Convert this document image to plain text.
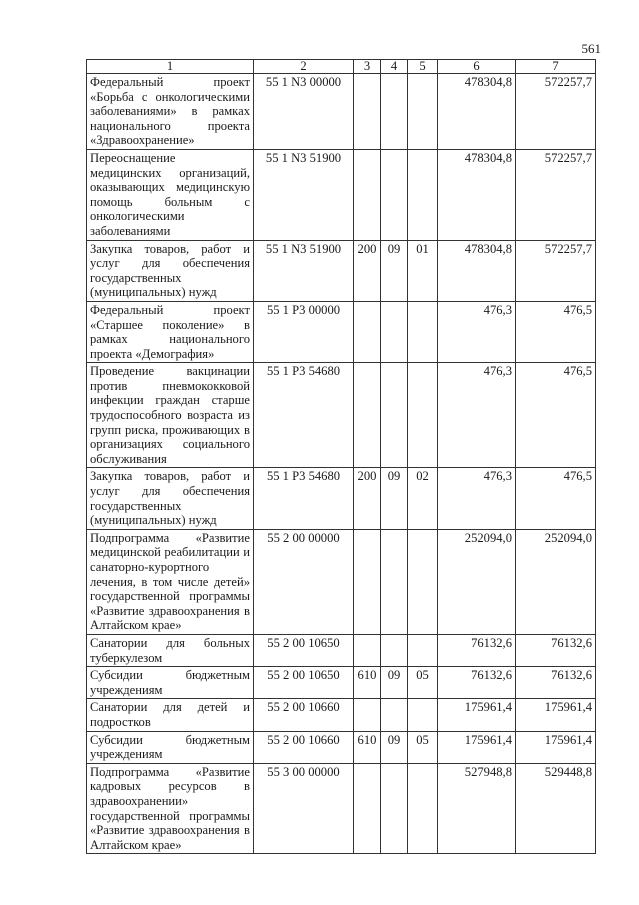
561
1	2	3	4	5	6	7
Федеральный проект «Борьба с онкологическими заболеваниями» в рамках национального проекта «Здравоохранение»	55 1 N3 00000				478304,8	572257,7
Переоснащение медицинских организаций, оказывающих медицинскую помощь больным с онкологическими заболеваниями	55 1 N3 51900				478304,8	572257,7
Закупка товаров, работ и услуг для обеспечения государственных (муниципальных) нужд	55 1 N3 51900	200	09	01	478304,8	572257,7
Федеральный проект «Старшее поколение» в рамках национального проекта «Демография»	55 1 P3 00000				476,3	476,5
Проведение вакцинации против пневмококковой инфекции граждан старше трудоспособного возраста из групп риска, проживающих в организациях социального обслуживания	55 1 P3 54680				476,3	476,5
Закупка товаров, работ и услуг для обеспечения государственных (муниципальных) нужд	55 1 P3 54680	200	09	02	476,3	476,5
Подпрограмма «Развитие медицинской реабилитации и санаторно-курортного лечения, в том числе детей» государственной программы «Развитие здравоохранения в Алтайском крае»	55 2 00 00000				252094,0	252094,0
Санатории для больных туберкулезом	55 2 00 10650				76132,6	76132,6
Субсидии бюджетным учреждениям	55 2 00 10650	610	09	05	76132,6	76132,6
Санатории для детей и подростков	55 2 00 10660				175961,4	175961,4
Субсидии бюджетным учреждениям	55 2 00 10660	610	09	05	175961,4	175961,4
Подпрограмма «Развитие кадровых ресурсов в здравоохранении» государственной программы «Развитие здравоохранения в Алтайском крае»	55 3 00 00000				527948,8	529448,8
